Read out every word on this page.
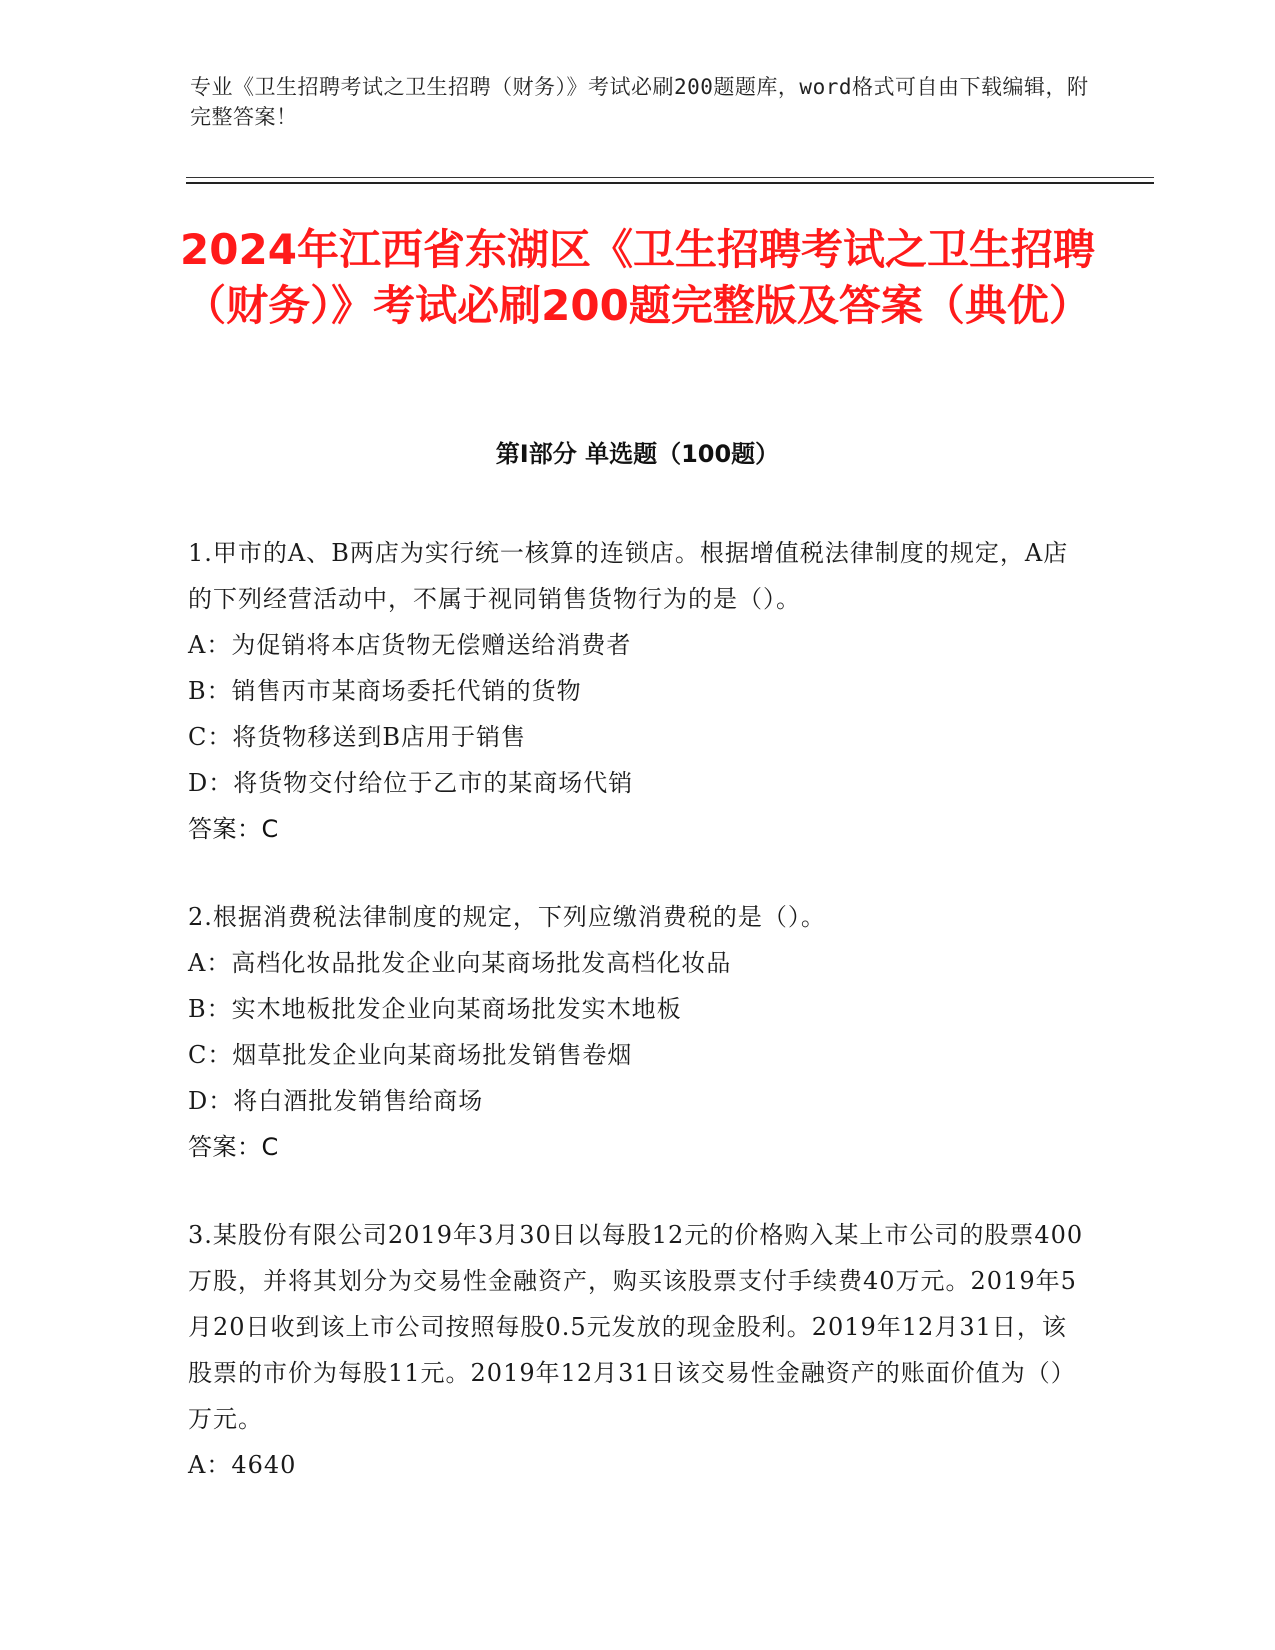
专业《卫生招聘考试之卫生招聘（财务）》考试必刷200题题库，word格式可自由下载编辑，附完整答案！
2024年江西省东湖区《卫生招聘考试之卫生招聘（财务）》考试必刷200题完整版及答案（典优）
第Ⅰ部分 单选题（100题）

1.甲市的A、B两店为实行统一核算的连锁店。根据增值税法律制度的规定，A店的下列经营活动中，不属于视同销售货物行为的是（）。

A：为促销将本店货物无偿赠送给消费者

B：销售丙市某商场委托代销的货物

C：将货物移送到B店用于销售

D：将货物交付给位于乙市的某商场代销

答案：C

2.根据消费税法律制度的规定，下列应缴消费税的是（）。

A：高档化妆品批发企业向某商场批发高档化妆品

B：实木地板批发企业向某商场批发实木地板

C：烟草批发企业向某商场批发销售卷烟

D：将白酒批发销售给商场

答案：C

3.某股份有限公司2019年3月30日以每股12元的价格购入某上市公司的股票400万股，并将其划分为交易性金融资产，购买该股票支付手续费40万元。2019年5月20日收到该上市公司按照每股0.5元发放的现金股利。2019年12月31日，该股票的市价为每股11元。2019年12月31日该交易性金融资产的账面价值为（）万元。

A：4640
